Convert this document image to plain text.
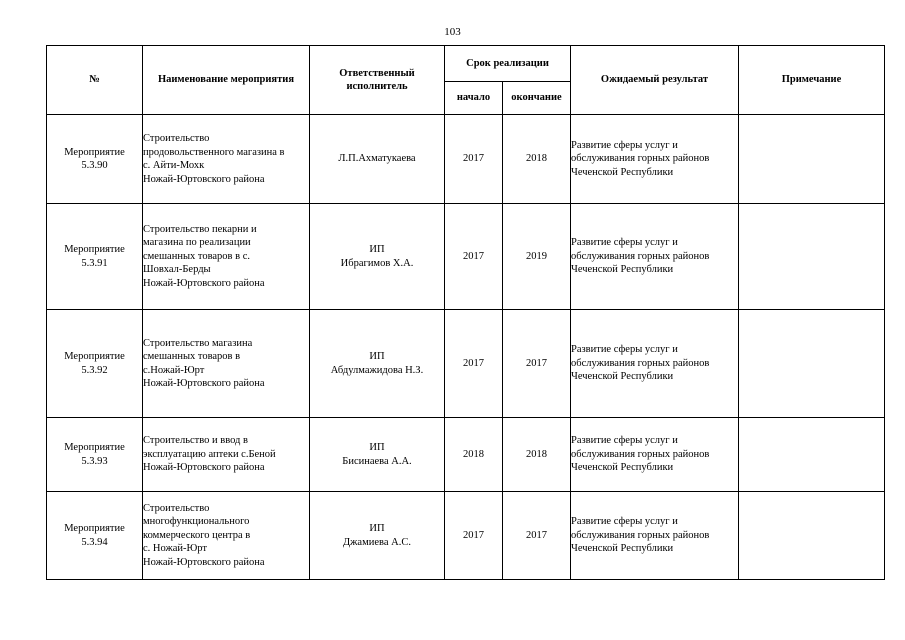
103
№	Наименование мероприятия	Ответственный
исполнитель	Срок реализации		Ожидаемый результат	Примечание
			начало	окончание		

Мероприятие
5.3.90	Строительство
продовольственного магазина в
с. Айти-Мохк
Ножай-Юртовского района	Л.П.Ахматукаева	2017	2018	Развитие сферы услуг и
обслуживания горных районов
Чеченской Республики	

Мероприятие
5.3.91	Строительство пекарни и
магазина по реализации
смешанных товаров в с.
Шовхал-Берды
Ножай-Юртовского района	ИП
Ибрагимов Х.А.	2017	2019	Развитие сферы услуг и
обслуживания горных районов
Чеченской Республики	

Мероприятие
5.3.92	Строительство магазина
смешанных товаров в
с.Ножай-Юрт
Ножай-Юртовского района	ИП
Абдулмажидова Н.З.	2017	2017	Развитие сферы услуг и
обслуживания горных районов
Чеченской Республики	

Мероприятие
5.3.93	Строительство и ввод в
эксплуатацию аптеки с.Беной
Ножай-Юртовского района	ИП
Бисинаева А.А.	2018	2018	Развитие сферы услуг и
обслуживания горных районов
Чеченской Республики	

Мероприятие
5.3.94	Строительство
многофункционального
коммерческого центра в
с. Ножай-Юрт
Ножай-Юртовского района	ИП
Джамиева А.С.	2017	2017	Развитие сферы услуг и
обслуживания горных районов
Чеченской Республики	
